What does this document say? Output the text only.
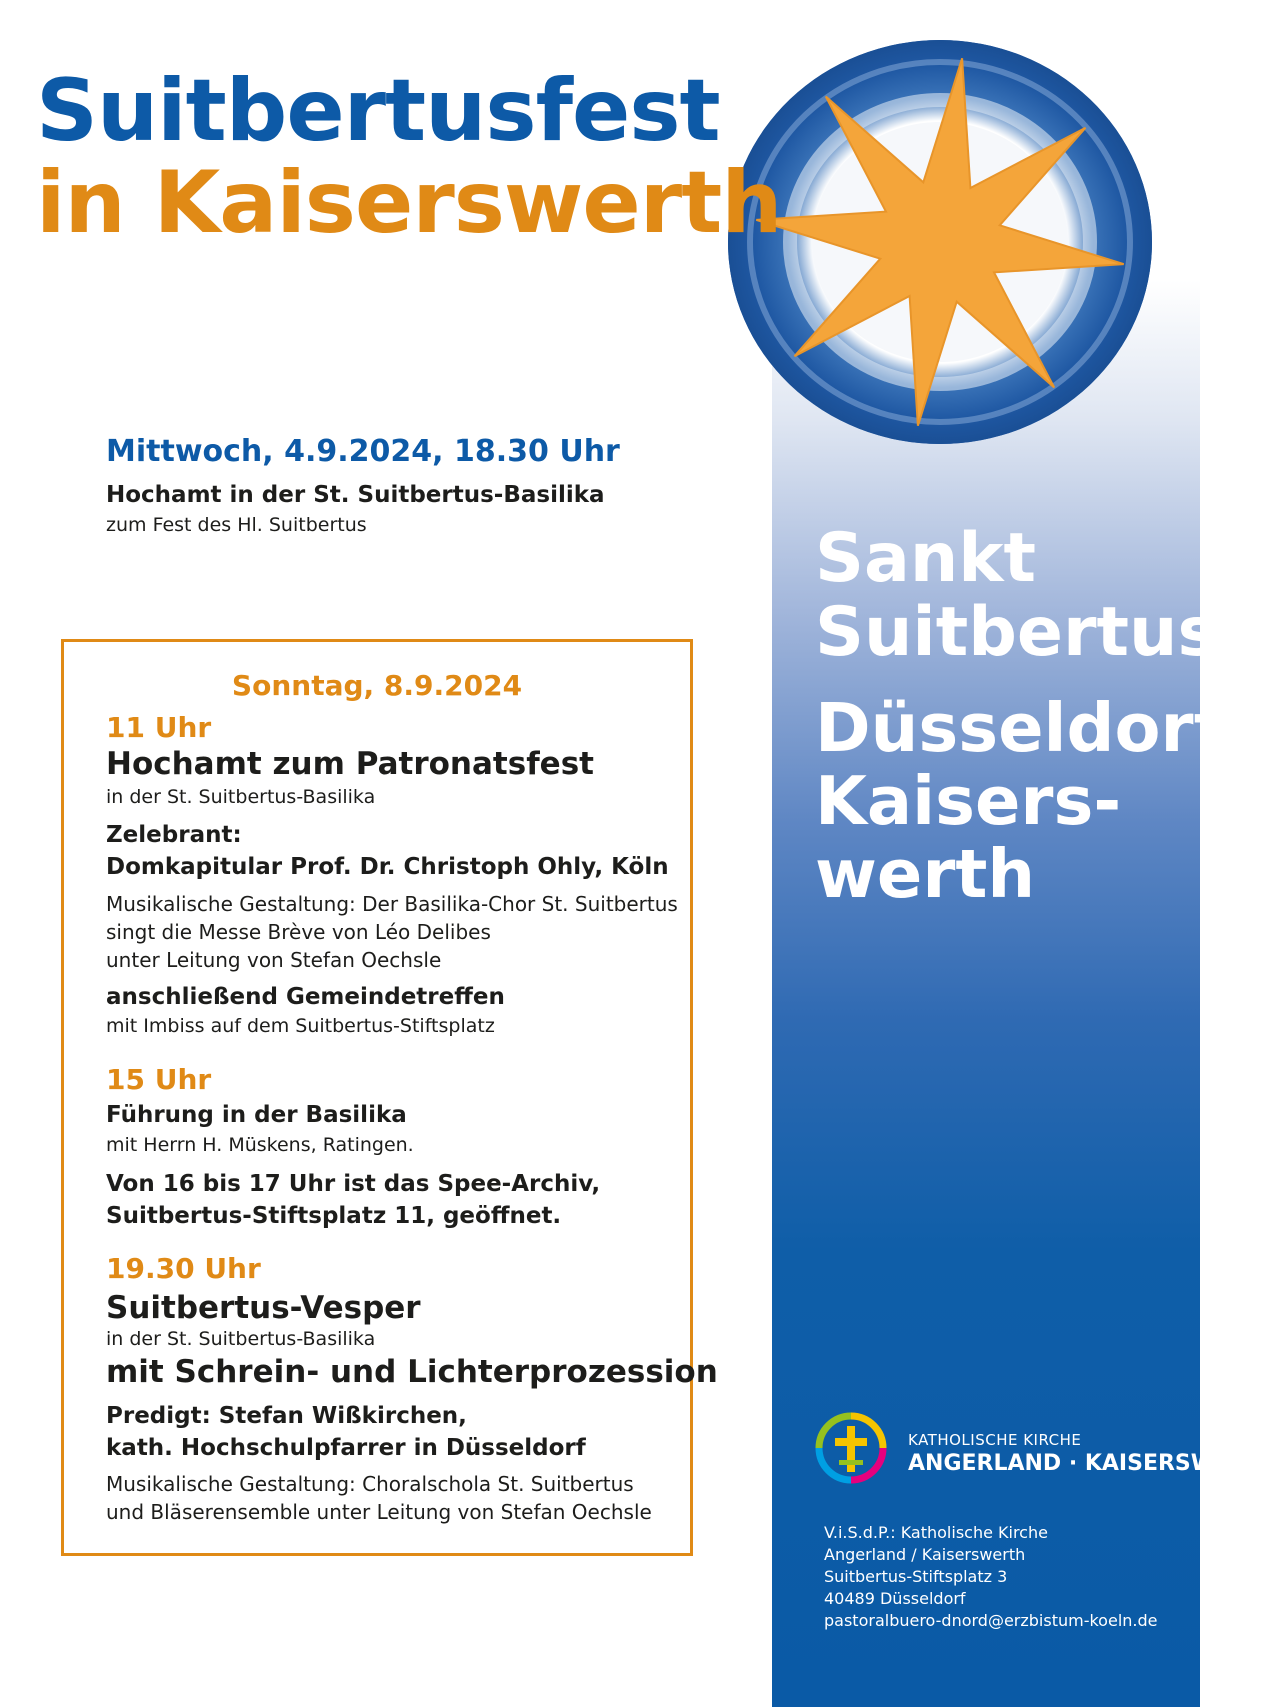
Suitbertusfest
in Kaiserswerth
Mittwoch, 4.9.2024, 18.30 Uhr
Hochamt in der St. Suitbertus-Basilika
zum Fest des Hl. Suitbertus
Sonntag, 8.9.2024
11 Uhr
Hochamt zum Patronatsfest
in der St. Suitbertus-Basilika
Zelebrant:
Domkapitular Prof. Dr. Christoph Ohly, Köln
Musikalische Gestaltung: Der Basilika-Chor St. Suitbertus
singt die Messe Brève von Léo Delibes
unter Leitung von Stefan Oechsle
anschließend Gemeindetreffen
mit Imbiss auf dem Suitbertus-Stiftsplatz
15 Uhr
Führung in der Basilika
mit Herrn H. Müskens, Ratingen.
Von 16 bis 17 Uhr ist das Spee-Archiv,
Suitbertus-Stiftsplatz 11, geöffnet.
19.30 Uhr
Suitbertus-Vesper
in der St. Suitbertus-Basilika
mit Schrein- und Lichterprozession
Predigt: Stefan Wißkirchen,
kath. Hochschulpfarrer in Düsseldorf
Musikalische Gestaltung: Choralschola St. Suitbertus
und Bläserensemble unter Leitung von Stefan Oechsle
Sankt
Suitbertus
Düsseldorf-
Kaisers-
werth
KATHOLISCHE KIRCHE
ANGERLAND · KAISERSWERTH
V.i.S.d.P.: Katholische Kirche
Angerland / Kaiserswerth
Suitbertus-Stiftsplatz 3
40489 Düsseldorf
pastoralbuero-dnord@erzbistum-koeln.de
